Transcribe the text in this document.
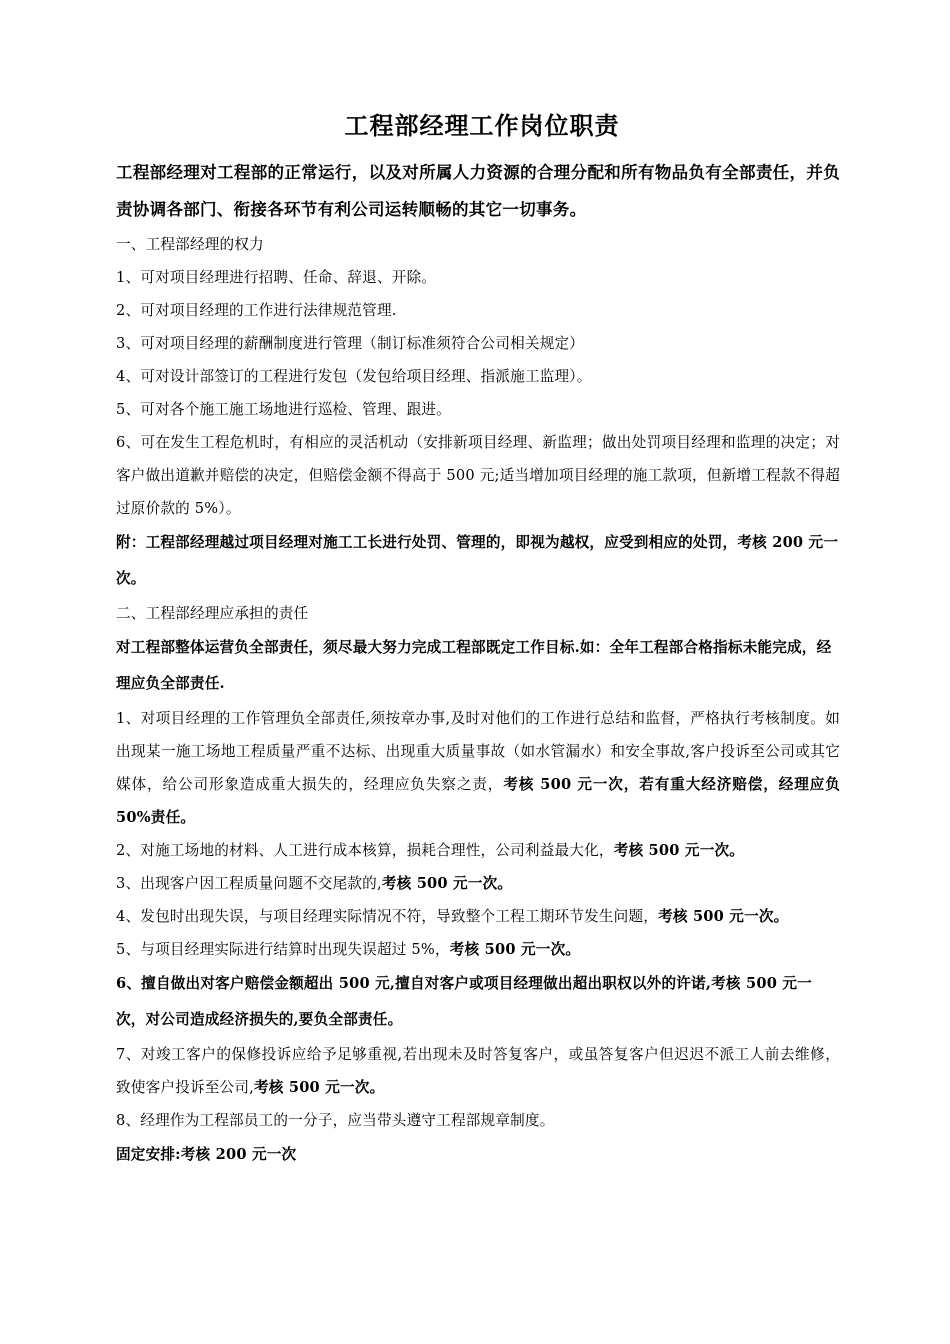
工程部经理工作岗位职责

工程部经理对工程部的正常运行，以及对所属人力资源的合理分配和所有物品负有全部责任，并负责协调各部门、衔接各环节有利公司运转顺畅的其它一切事务。

一、工程部经理的权力

1、可对项目经理进行招聘、任命、辞退、开除。

2、可对项目经理的工作进行法律规范管理.

3、可对项目经理的薪酬制度进行管理（制订标准须符合公司相关规定）

4、可对设计部签订的工程进行发包（发包给项目经理、指派施工监理）。

5、可对各个施工施工场地进行巡检、管理、跟进。

6、可在发生工程危机时，有相应的灵活机动（安排新项目经理、新监理；做出处罚项目经理和监理的决定；对客户做出道歉并赔偿的决定，但赔偿金额不得高于 500 元;适当增加项目经理的施工款项，但新增工程款不得超过原价款的 5%）。

附：工程部经理越过项目经理对施工工长进行处罚、管理的，即视为越权，应受到相应的处罚，考核 200 元一次。

二、工程部经理应承担的责任

对工程部整体运营负全部责任，须尽最大努力完成工程部既定工作目标.如：全年工程部合格指标未能完成，经理应负全部责任.

1、对项目经理的工作管理负全部责任,须按章办事,及时对他们的工作进行总结和监督，严格执行考核制度。如出现某一施工场地工程质量严重不达标、出现重大质量事故（如水管漏水）和安全事故,客户投诉至公司或其它媒体，给公司形象造成重大损失的，经理应负失察之责，考核 500 元一次，若有重大经济赔偿，经理应负 50%责任。

2、对施工场地的材料、人工进行成本核算，损耗合理性，公司利益最大化，考核 500 元一次。

3、出现客户因工程质量问题不交尾款的,考核 500 元一次。

4、发包时出现失误，与项目经理实际情况不符，导致整个工程工期环节发生问题，考核 500 元一次。

5、与项目经理实际进行结算时出现失误超过 5%，考核 500 元一次。

6、擅自做出对客户赔偿金额超出 500 元,擅自对客户或项目经理做出超出职权以外的许诺,考核 500 元一次，对公司造成经济损失的,要负全部责任。

7、对竣工客户的保修投诉应给予足够重视,若出现未及时答复客户，或虽答复客户但迟迟不派工人前去维修，致使客户投诉至公司,考核 500 元一次。

8、经理作为工程部员工的一分子，应当带头遵守工程部规章制度。

固定安排:考核 200 元一次
